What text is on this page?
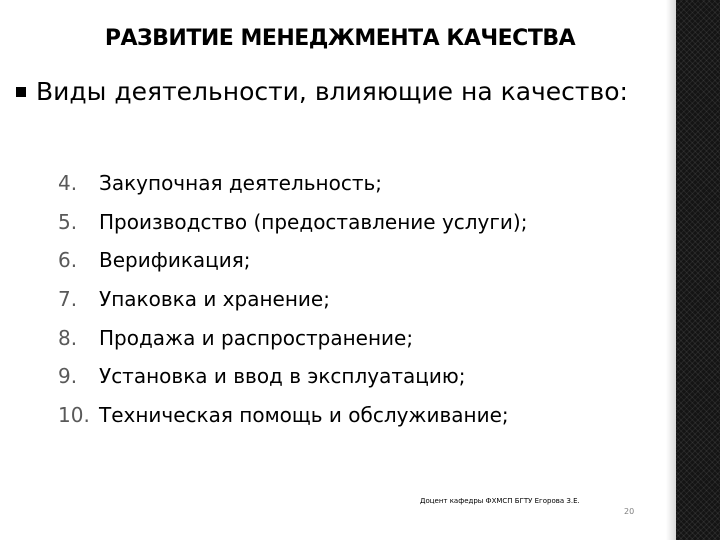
РАЗВИТИЕ МЕНЕДЖМЕНТА КАЧЕСТВА
Виды деятельности, влияющие на качество:
4.	Закупочная деятельность;
5.	Производство (предоставление услуги);
6.	Верификация;
7.	Упаковка и хранение;
8.	Продажа и распространение;
9.	Установка и ввод в эксплуатацию;
10. Техническая помощь и обслуживание;
Доцент кафедры ФХМСП БГТУ Егорова З.Е.
20
